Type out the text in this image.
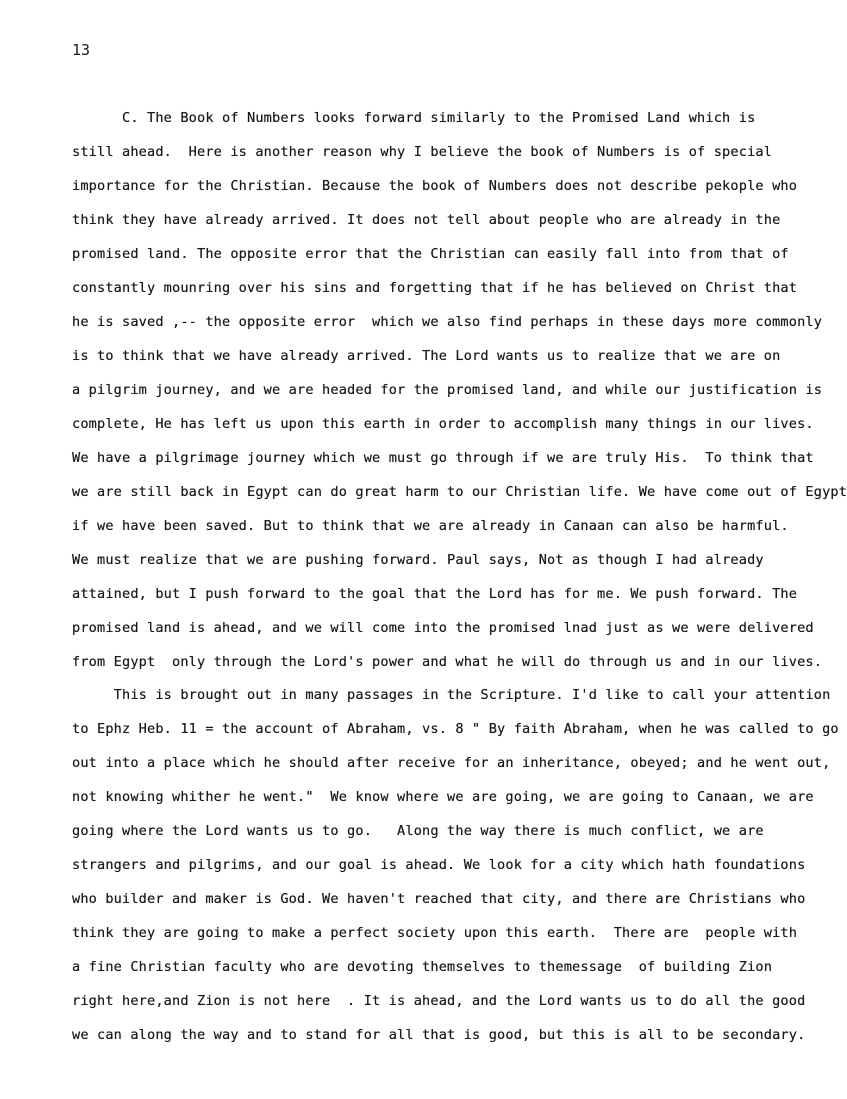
13
C. The Book of Numbers looks forward similarly to the Promised Land which is
still ahead.  Here is another reason why I believe the book of Numbers is of special
importance for the Christian. Because the book of Numbers does not describe pekople who
think they have already arrived. It does not tell about people who are already in the
promised land. The opposite error that the Christian can easily fall into from that of
constantly mounring over his sins and forgetting that if he has believed on Christ that
he is saved ,-- the opposite error  which we also find perhaps in these days more commonly
is to think that we have already arrived. The Lord wants us to realize that we are on
a pilgrim journey, and we are headed for the promised land, and while our justification is
complete, He has left us upon this earth in order to accomplish many things in our lives.
We have a pilgrimage journey which we must go through if we are truly His.  To think that
we are still back in Egypt can do great harm to our Christian life. We have come out of Egypt
if we have been saved. But to think that we are already in Canaan can also be harmful.
We must realize that we are pushing forward. Paul says, Not as though I had already
attained, but I push forward to the goal that the Lord has for me. We push forward. The
promised land is ahead, and we will come into the promised lnad just as we were delivered
from Egypt  only through the Lord's power and what he will do through us and in our lives.
This is brought out in many passages in the Scripture. I'd like to call your attention
to Ephz Heb. 11 = the account of Abraham, vs. 8 " By faith Abraham, when he was called to go
out into a place which he should after receive for an inheritance, obeyed; and he went out,
not knowing whither he went."  We know where we are going, we are going to Canaan, we are
going where the Lord wants us to go.   Along the way there is much conflict, we are
strangers and pilgrims, and our goal is ahead. We look for a city which hath foundations
who builder and maker is God. We haven't reached that city, and there are Christians who
think they are going to make a perfect society upon this earth.  There are  people with
a fine Christian faculty who are devoting themselves to themessage  of building Zion
right here,and Zion is not here  . It is ahead, and the Lord wants us to do all the good
we can along the way and to stand for all that is good, but this is all to be secondary.
